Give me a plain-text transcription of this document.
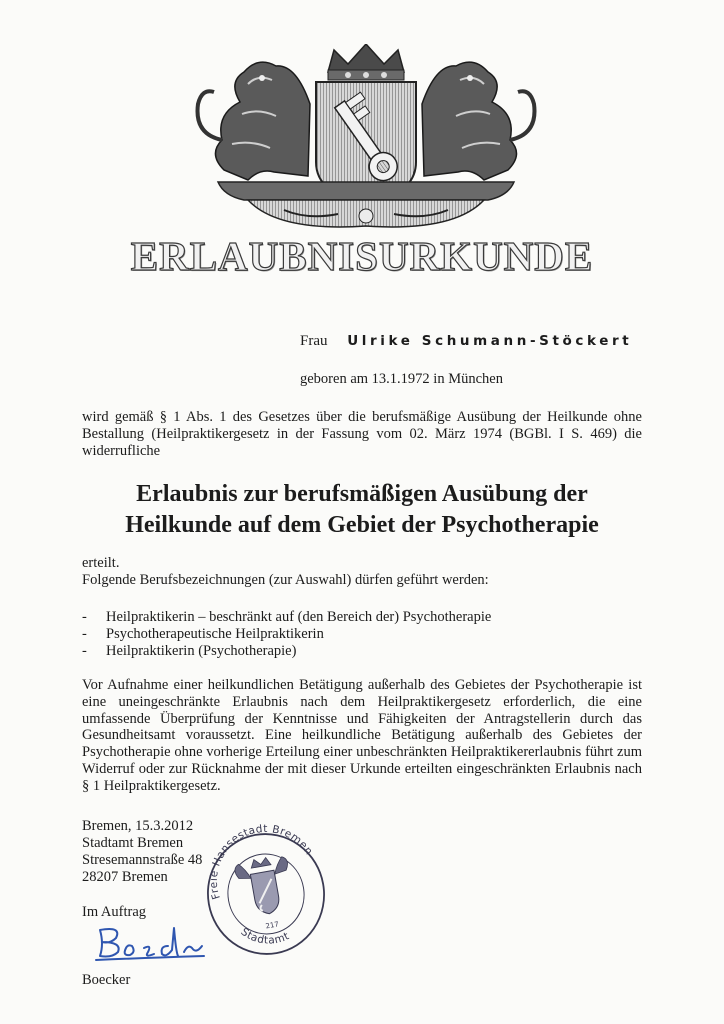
ERLAUBNISURKUNDE
Frau Ulrike Schumann-Stöckert
geboren am 13.1.1972 in München
wird gemäß § 1 Abs. 1 des Gesetzes über die berufsmäßige Ausübung der Heilkunde ohne Bestallung (Heilpraktikergesetz in der Fassung vom 02. März 1974 (BGBl. I S. 469) die widerrufliche
Erlaubnis zur berufsmäßigen Ausübung der
Heilkunde auf dem Gebiet der Psychotherapie
erteilt.
Folgende Berufsbezeichnungen (zur Auswahl) dürfen geführt werden:
- Heilpraktikerin – beschränkt auf (den Bereich der) Psychotherapie
- Psychotherapeutische Heilpraktikerin
- Heilpraktikerin (Psychotherapie)
Vor Aufnahme einer heilkundlichen Betätigung außerhalb des Gebietes der Psychotherapie ist eine uneingeschränkte Erlaubnis nach dem Heilpraktikergesetz erforderlich, die eine umfassende Überprüfung der Kenntnisse und Fähigkeiten der Antragstellerin durch das Gesundheitsamt voraussetzt. Eine heilkundliche Betätigung außerhalb des Gebietes der Psychotherapie ohne vorherige Erteilung einer unbeschränkten Heilpraktikererlaubnis führt zum Widerruf oder zur Rücknahme der mit dieser Urkunde erteilten eingeschränkten Erlaubnis nach § 1 Heilpraktikergesetz.
Bremen, 15.3.2012
Stadtamt Bremen
Stresemannstraße 48
28207 Bremen
Im Auftrag
Boecker
Freie Hansestadt Bremen
Stadtamt
217
